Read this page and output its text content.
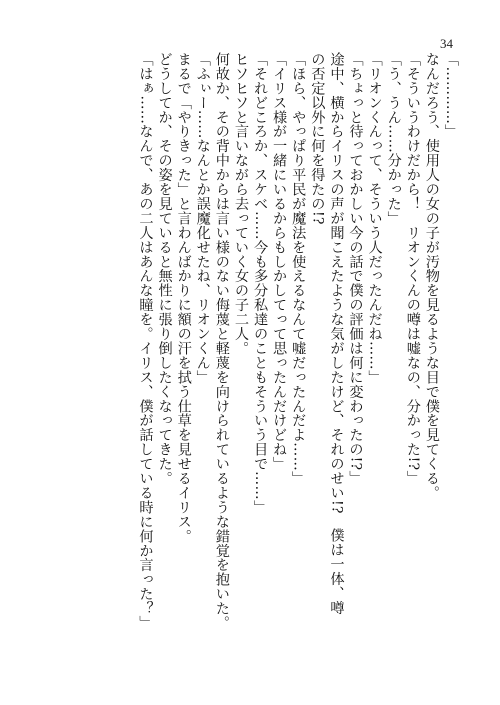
34

「…………」

なんだろう、使用人の女の子が汚物を見るような目で僕を見てくる。

「そういうわけだから！　リオンくんの噂は嘘なの、分かった!?」

「う、うん……分かった」

「リオンくんって、そういう人だったんだね……」

「ちょっと待っておかしい今の話で僕の評価は何に変わったの!?」

途中、横からイリスの声が聞こえたような気がしたけど、それのせい!?　僕は一体、噂

の否定以外に何を得たの!?

「ほら、やっぱり平民が魔法を使えるなんて嘘だったんだよ……」

「イリス様が一緒にいるからもしかしてって思ったんだけどね」

「それどころか、スケベ……今も多分私達のこともそういう目で……」

ヒソヒソと言いながら去っていく女の子二人。

何故か、その背中からは言い様のない侮蔑と軽蔑を向けられているような錯覚を抱いた。

「ふぃー……なんとか誤魔化せたね、リオンくん」

まるで「やりきった」と言わんばかりに額の汗を拭う仕草を見せるイリス。

どうしてか、その姿を見ていると無性に張り倒したくなってきた。

「はぁ……なんで、あの二人はあんな瞳を。イリス、僕が話している時に何か言った？」
